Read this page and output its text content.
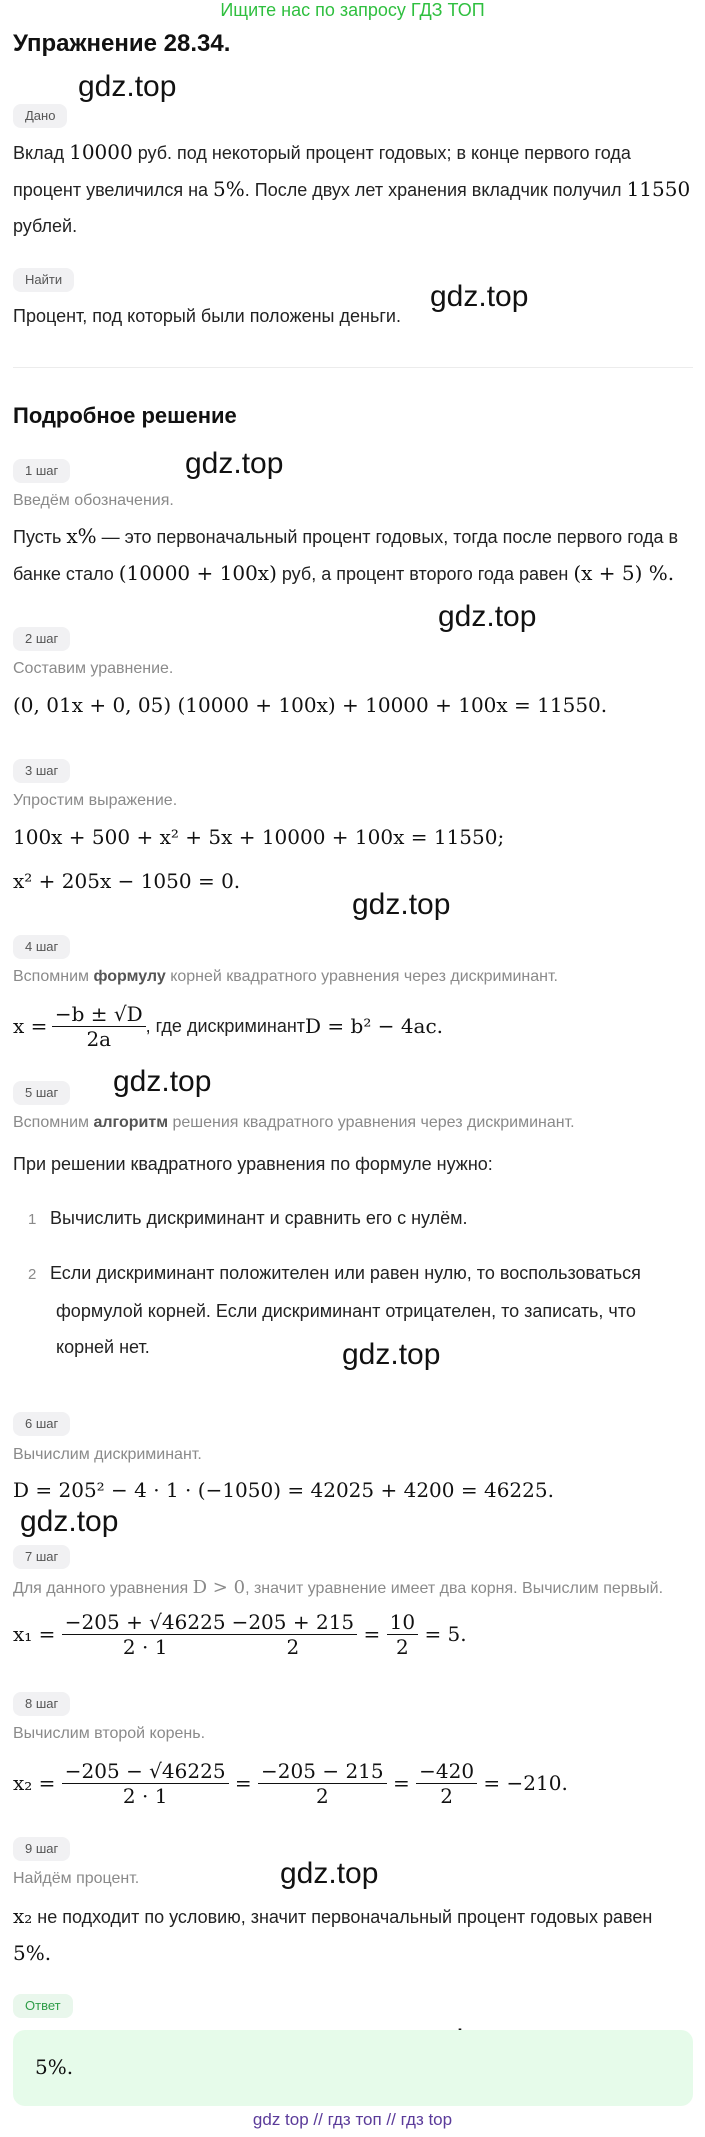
Ищите нас по запросу ГДЗ ТОП
Упражнение 28.34.
gdz.top
gdz.top
gdz.top
gdz.top
gdz.top
gdz.top
gdz.top
gdz.top
gdz.top
Дано
Вклад 10000 руб. под некоторый процент годовых; в конце первого года
процент увеличился на 5%. После двух лет хранения вкладчик получил 11550
рублей.
Найти
Процент, под который были положены деньги.
Подробное решение
1 шаг
Введём обозначения.
Пусть x% — это первоначальный процент годовых, тогда после первого года в
банке стало (10000 + 100x) руб, а процент второго года равен (x + 5) %.
2 шаг
Составим уравнение.
(0, 01x + 0, 05) (10000 + 100x) + 10000 + 100x = 11550.
3 шаг
Упростим выражение.
100x + 500 + x² + 5x + 10000 + 100x = 11550;
x² + 205x − 1050 = 0.
4 шаг
Вспомним формулу корней квадратного уравнения через дискриминант.
x =
$\frac{-b \pm √D}{2a}$ , где дискриминант D = b² − 4ac.
5 шаг
Вспомним алгоритм решения квадратного уравнения через дискриминант.
При решении квадратного уравнения по формуле нужно:
1 Вычислить дискриминант и сравнить его с нулём.
2 Если дискриминант положителен или равен нулю, то воспользоваться
формулой корней. Если дискриминант отрицателен, то записать, что
корней нет.
6 шаг
Вычислим дискриминант.
D = 205² − 4 · 1 · (−1050) = 42025 + 4200 = 46225.
7 шаг
Для данного уравнения D > 0, значит уравнение имеет два корня. Вычислим первый.
x₁ =
$\frac{-205 + √46225}{2 \cdot 1} \frac{-205 + 215}{2}$
=
$\frac{10}{2}$
= 5.
8 шаг
Вычислим второй корень.
x₂ =
$\frac{-205 - √46225}{2 \cdot 1}$
=
$\frac{-205 - 215}{2}$
=
$\frac{-420}{2}$
= −210.
9 шаг
Найдём процент.
x₂ не подходит по условию, значит первоначальный процент годовых равен
5%.
Ответ
5%.
gdz top // гдз топ // гдз top
